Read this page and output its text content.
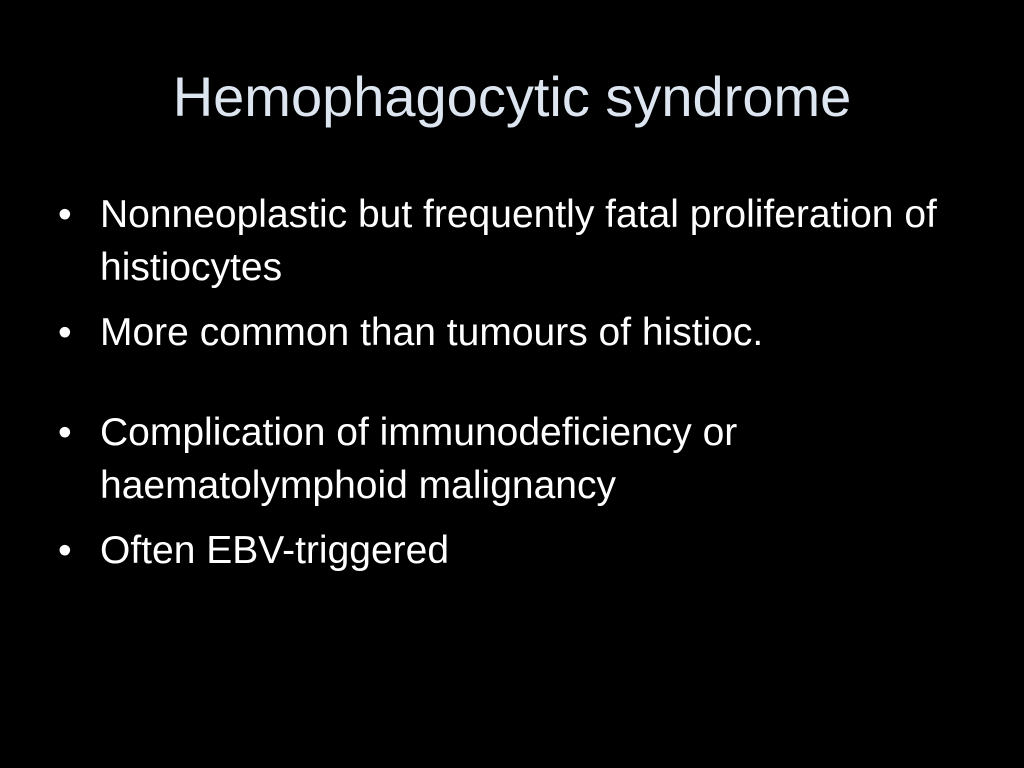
Hemophagocytic syndrome
• Nonneoplastic but frequently fatal proliferation of histiocytes
• More common than tumours of histioc.
• Complication of immunodeficiency or haematolymphoid malignancy
• Often EBV-triggered
